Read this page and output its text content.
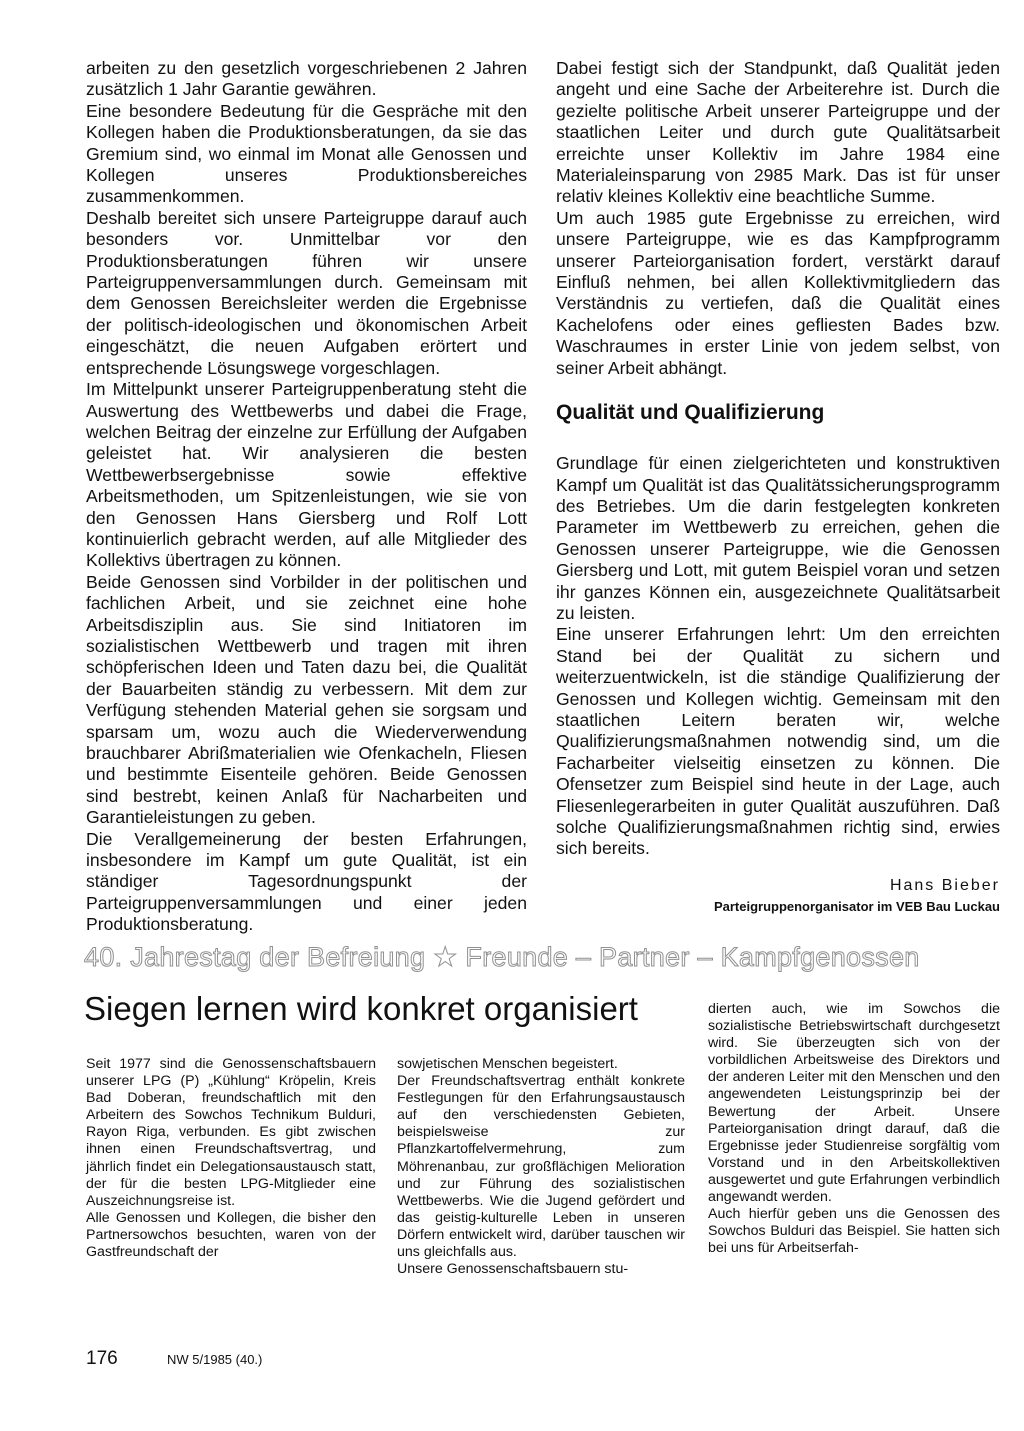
arbeiten zu den gesetzlich vorgeschriebenen 2 Jahren zusätzlich 1 Jahr Garantie gewähren.

Eine besondere Bedeutung für die Gespräche mit den Kollegen haben die Produktionsberatungen, da sie das Gremium sind, wo einmal im Monat alle Genossen und Kollegen unseres Produktionsbereiches zusammenkommen.

Deshalb bereitet sich unsere Parteigruppe darauf auch besonders vor. Unmittelbar vor den Produktionsberatungen führen wir unsere Parteigruppenversammlungen durch. Gemeinsam mit dem Genossen Bereichsleiter werden die Ergebnisse der politisch-ideologischen und ökonomischen Arbeit eingeschätzt, die neuen Aufgaben erörtert und entsprechende Lösungswege vorgeschlagen.

Im Mittelpunkt unserer Parteigruppenberatung steht die Auswertung des Wettbewerbs und dabei die Frage, welchen Beitrag der einzelne zur Erfüllung der Aufgaben geleistet hat. Wir analysieren die besten Wettbewerbsergebnisse sowie effektive Arbeitsmethoden, um Spitzenleistungen, wie sie von den Genossen Hans Giersberg und Rolf Lott kontinuierlich gebracht werden, auf alle Mitglieder des Kollektivs übertragen zu können.

Beide Genossen sind Vorbilder in der politischen und fachlichen Arbeit, und sie zeichnet eine hohe Arbeitsdisziplin aus. Sie sind Initiatoren im sozialistischen Wettbewerb und tragen mit ihren schöpferischen Ideen und Taten dazu bei, die Qualität der Bauarbeiten ständig zu verbessern. Mit dem zur Verfügung stehenden Material gehen sie sorgsam und sparsam um, wozu auch die Wiederverwendung brauchbarer Abrißmaterialien wie Ofenkacheln, Fliesen und bestimmte Eisenteile gehören. Beide Genossen sind bestrebt, keinen Anlaß für Nacharbeiten und Garantieleistungen zu geben.

Die Verallgemeinerung der besten Erfahrungen, insbesondere im Kampf um gute Qualität, ist ein ständiger Tagesordnungspunkt der Parteigruppenversammlungen und einer jeden Produktionsberatung.

Dabei festigt sich der Standpunkt, daß Qualität jeden angeht und eine Sache der Arbeiterehre ist. Durch die gezielte politische Arbeit unserer Parteigruppe und der staatlichen Leiter und durch gute Qualitätsarbeit erreichte unser Kollektiv im Jahre 1984 eine Materialeinsparung von 2985 Mark. Das ist für unser relativ kleines Kollektiv eine beachtliche Summe.

Um auch 1985 gute Ergebnisse zu erreichen, wird unsere Parteigruppe, wie es das Kampfprogramm unserer Parteiorganisation fordert, verstärkt darauf Einfluß nehmen, bei allen Kollektivmitgliedern das Verständnis zu vertiefen, daß die Qualität eines Kachelofens oder eines gefliesten Bades bzw. Waschraumes in erster Linie von jedem selbst, von seiner Arbeit abhängt.

Qualität und Qualifizierung

Grundlage für einen zielgerichteten und konstruktiven Kampf um Qualität ist das Qualitätssicherungsprogramm des Betriebes. Um die darin festgelegten konkreten Parameter im Wettbewerb zu erreichen, gehen die Genossen unserer Parteigruppe, wie die Genossen Giersberg und Lott, mit gutem Beispiel voran und setzen ihr ganzes Können ein, ausgezeichnete Qualitätsarbeit zu leisten.

Eine unserer Erfahrungen lehrt: Um den erreichten Stand bei der Qualität zu sichern und weiterzuentwickeln, ist die ständige Qualifizierung der Genossen und Kollegen wichtig. Gemeinsam mit den staatlichen Leitern beraten wir, welche Qualifizierungsmaßnahmen notwendig sind, um die Facharbeiter vielseitig einsetzen zu können. Die Ofensetzer zum Beispiel sind heute in der Lage, auch Fliesenlegerarbeiten in guter Qualität auszuführen. Daß solche Qualifizierungsmaßnahmen richtig sind, erwies sich bereits.

Hans Bieber
Parteigruppenorganisator im VEB Bau Luckau
40. Jahrestag der Befreiung ★ Freunde – Partner – Kampfgenossen
Siegen lernen wird konkret organisiert

Seit 1977 sind die Genossenschaftsbauern unserer LPG (P) „Kühlung“ Kröpelin, Kreis Bad Doberan, freundschaftlich mit den Arbeitern des Sowchos Technikum Bulduri, Rayon Riga, verbunden. Es gibt zwischen ihnen einen Freundschaftsvertrag, und jährlich findet ein Delegationsaustausch statt, der für die besten LPG-Mitglieder eine Auszeichnungsreise ist.

Alle Genossen und Kollegen, die bisher den Partnersowchos besuchten, waren von der Gastfreundschaft der

sowjetischen Menschen begeistert.

Der Freundschaftsvertrag enthält konkrete Festlegungen für den Erfahrungsaustausch auf den verschiedensten Gebieten, beispielsweise zur Pflanzkartoffelvermehrung, zum Möhrenanbau, zur großflächigen Melioration und zur Führung des sozialistischen Wettbewerbs. Wie die Jugend gefördert und das geistig-kulturelle Leben in unseren Dörfern entwickelt wird, darüber tauschen wir uns gleichfalls aus.

Unsere Genossenschaftsbauern stu-

dierten auch, wie im Sowchos die sozialistische Betriebswirtschaft durchgesetzt wird. Sie überzeugten sich von der vorbildlichen Arbeitsweise des Direktors und der anderen Leiter mit den Menschen und den angewendeten Leistungsprinzip bei der Bewertung der Arbeit. Unsere Parteiorganisation dringt darauf, daß die Ergebnisse jeder Studienreise sorgfältig vom Vorstand und in den Arbeitskollektiven ausgewertet und gute Erfahrungen verbindlich angewandt werden.

Auch hierfür geben uns die Genossen des Sowchos Bulduri das Beispiel. Sie hatten sich bei uns für Arbeitserfah-

176	NW 5/1985 (40.)
